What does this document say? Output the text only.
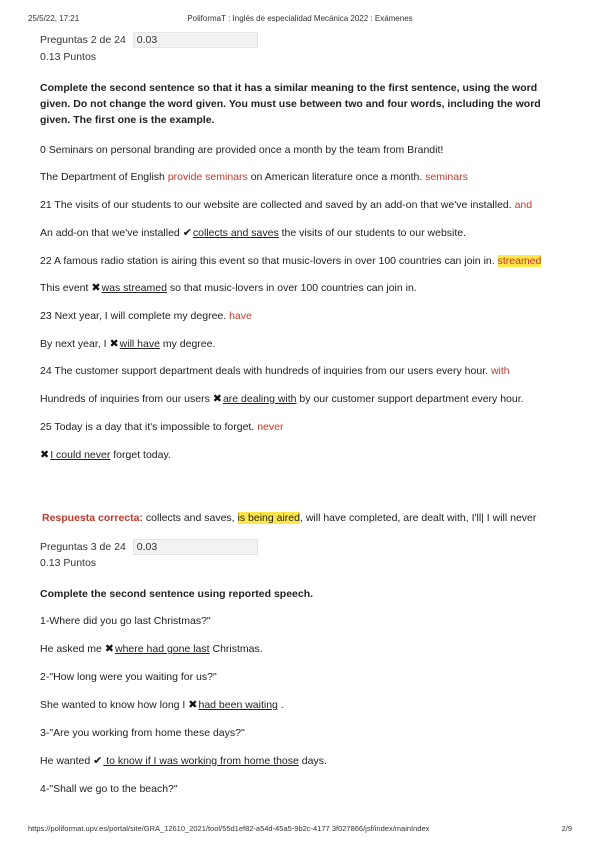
25/5/22, 17:21	PoliformaT : Inglés de especialidad Mecánica 2022 : Exámenes
Preguntas 2 de 24 0.03
0.13 Puntos
Complete the second sentence so that it has a similar meaning to the first sentence, using the word given. Do not change the word given. You must use between two and four words, including the word given. The first one is the example.
0 Seminars on personal branding are provided once a month by the team from Brandit!
The Department of English provide seminars on American literature once a month. seminars
21 The visits of our students to our website are collected and saved by an add-on that we've installed. and
An add-on that we've installed ✔collects and saves the visits of our students to our website.
22 A famous radio station is airing this event so that music-lovers in over 100 countries can join in. streamed
This event ✖was streamed so that music-lovers in over 100 countries can join in.
23 Next year, I will complete my degree. have
By next year, I ✖will have my degree.
24 The customer support department deals with hundreds of inquiries from our users every hour. with
Hundreds of inquiries from our users ✖are dealing with by our customer support department every hour.
25 Today is a day that it's impossible to forget. never
✖I could never forget today.
Respuesta correcta: collects and saves, is being aired, will have completed, are dealt with, I'll| I will never
Preguntas 3 de 24 0.03
0.13 Puntos
Complete the second sentence using reported speech.
1-Where did you go last Christmas?"
He asked me ✖where had gone last Christmas.
2-"How long were you waiting for us?"
She wanted to know how long I ✖had been waiting .
3-"Are you working from home these days?"
He wanted ✔ to know if I was working from home those days.
4-"Shall we go to the beach?"
https://poliformat.upv.es/portal/site/GRA_12610_2021/tool/55d1ef82-a54d-45a5-9b2c-4177 3f027866/jsf/index/mainIndex	2/9
